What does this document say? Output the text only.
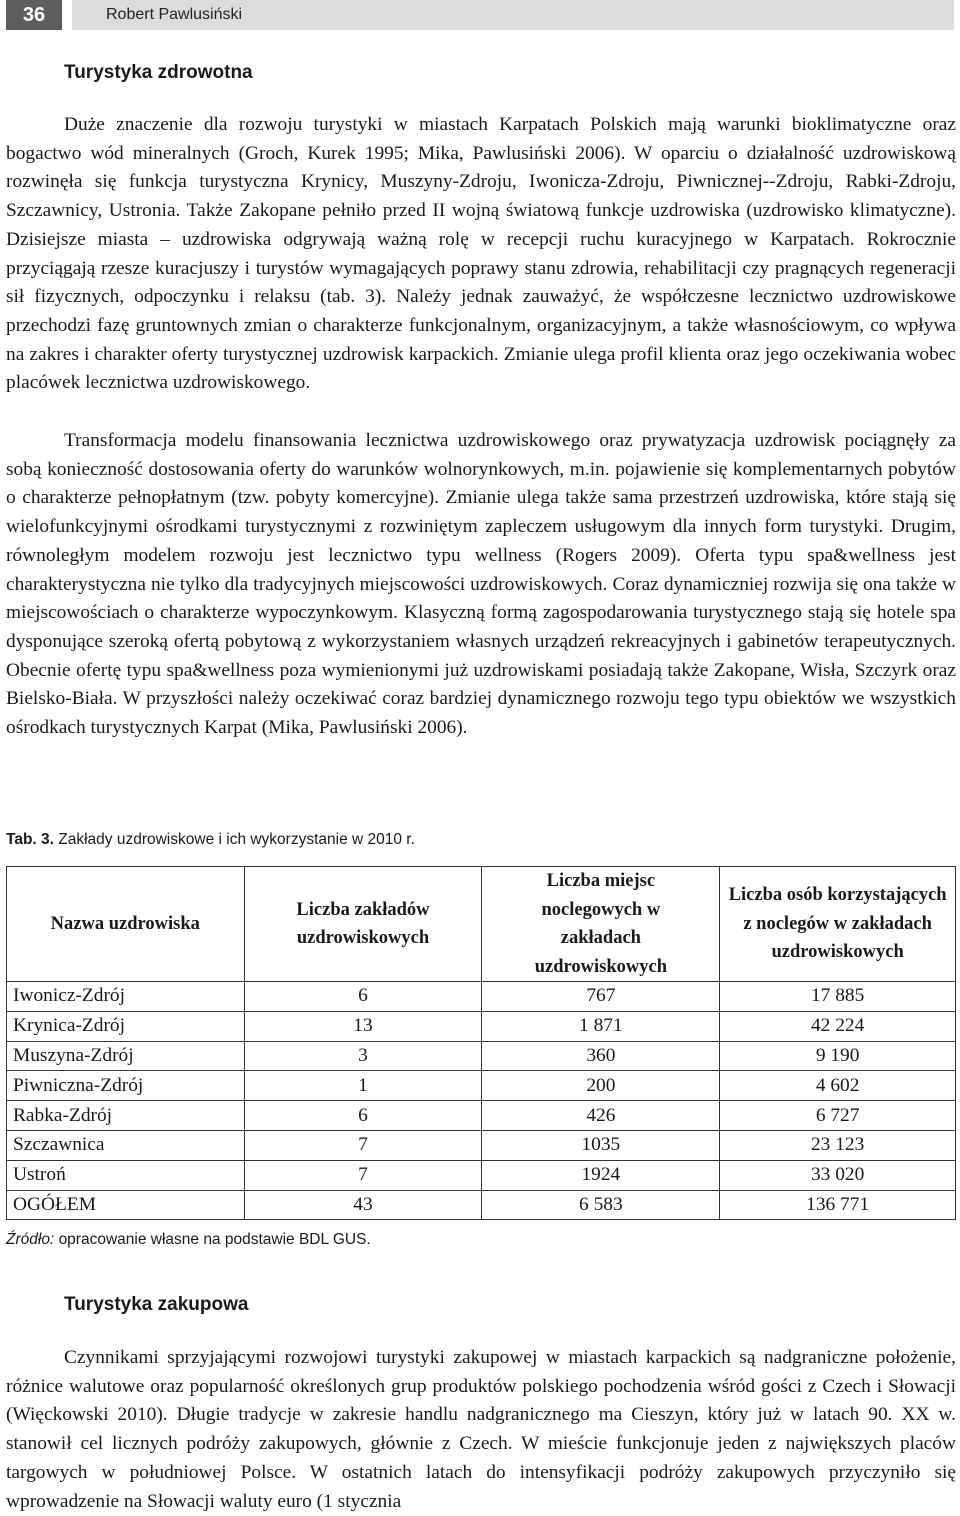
36	Robert Pawlusiński
Turystyka zdrowotna

Duże znaczenie dla rozwoju turystyki w miastach Karpatach Polskich mają warunki bioklimatyczne oraz bogactwo wód mineralnych (Groch, Kurek 1995; Mika, Pawlusiński 2006). W oparciu o działalność uzdrowiskową rozwinęła się funkcja turystyczna Krynicy, Muszyny-Zdroju, Iwonicza-Zdroju, Piwnicznej--Zdroju, Rabki-Zdroju, Szczawnicy, Ustronia. Także Zakopane pełniło przed II wojną światową funkcje uzdrowiska (uzdrowisko klimatyczne). Dzisiejsze miasta – uzdrowiska odgrywają ważną rolę w recepcji ruchu kuracyjnego w Karpatach. Rokrocznie przyciągają rzesze kuracjuszy i turystów wymagających poprawy stanu zdrowia, rehabilitacji czy pragnących regeneracji sił fizycznych, odpoczynku i relaksu (tab. 3). Należy jednak zauważyć, że współczesne lecznictwo uzdrowiskowe przechodzi fazę gruntownych zmian o charakterze funkcjonalnym, organizacyjnym, a także własnościowym, co wpływa na zakres i charakter oferty turystycznej uzdrowisk karpackich. Zmianie ulega profil klienta oraz jego oczekiwania wobec placówek lecznictwa uzdrowiskowego.

Transformacja modelu finansowania lecznictwa uzdrowiskowego oraz prywatyzacja uzdrowisk pociągnęły za sobą konieczność dostosowania oferty do warunków wolnorynkowych, m.in. pojawienie się komplementarnych pobytów o charakterze pełnopłatnym (tzw. pobyty komercyjne). Zmianie ulega także sama przestrzeń uzdrowiska, które stają się wielofunkcyjnymi ośrodkami turystycznymi z rozwiniętym zapleczem usługowym dla innych form turystyki. Drugim, równoległym modelem rozwoju jest lecznictwo typu wellness (Rogers 2009). Oferta typu spa&wellness jest charakterystyczna nie tylko dla tradycyjnych miejscowości uzdrowiskowych. Coraz dynamiczniej rozwija się ona także w miejscowościach o charakterze wypoczynkowym. Klasyczną formą zagospodarowania turystycznego stają się hotele spa dysponujące szeroką ofertą pobytową z wykorzystaniem własnych urządzeń rekreacyjnych i gabinetów terapeutycznych. Obecnie ofertę typu spa&wellness poza wymienionymi już uzdrowiskami posiadają także Zakopane, Wisła, Szczyrk oraz Bielsko-Biała. W przyszłości należy oczekiwać coraz bardziej dynamicznego rozwoju tego typu obiektów we wszystkich ośrodkach turystycznych Karpat (Mika, Pawlusiński 2006).

Tab. 3. Zakłady uzdrowiskowe i ich wykorzystanie w 2010 r.
Nazwa uzdrowiska	Liczba zakładów uzdrowiskowych	Liczba miejsc noclegowych w zakładach uzdrowiskowych	Liczba osób korzystających z noclegów w zakładach uzdrowiskowych
Iwonicz-Zdrój	6	767	17 885
Krynica-Zdrój	13	1 871	42 224
Muszyna-Zdrój	3	360	9 190
Piwniczna-Zdrój	1	200	4 602
Rabka-Zdrój	6	426	6 727
Szczawnica	7	1035	23 123
Ustroń	7	1924	33 020
OGÓŁEM	43	6 583	136 771
Źródło: opracowanie własne na podstawie BDL GUS.
Turystyka zakupowa

Czynnikami sprzyjającymi rozwojowi turystyki zakupowej w miastach karpackich są nadgraniczne położenie, różnice walutowe oraz popularność określonych grup produktów polskiego pochodzenia wśród gości z Czech i Słowacji (Więckowski 2010). Długie tradycje w zakresie handlu nadgranicznego ma Cieszyn, który już w latach 90. XX w. stanowił cel licznych podróży zakupowych, głównie z Czech. W mieście funkcjonuje jeden z największych placów targowych w południowej Polsce. W ostatnich latach do intensyfikacji podróży zakupowych przyczyniło się wprowadzenie na Słowacji waluty euro (1 stycznia
